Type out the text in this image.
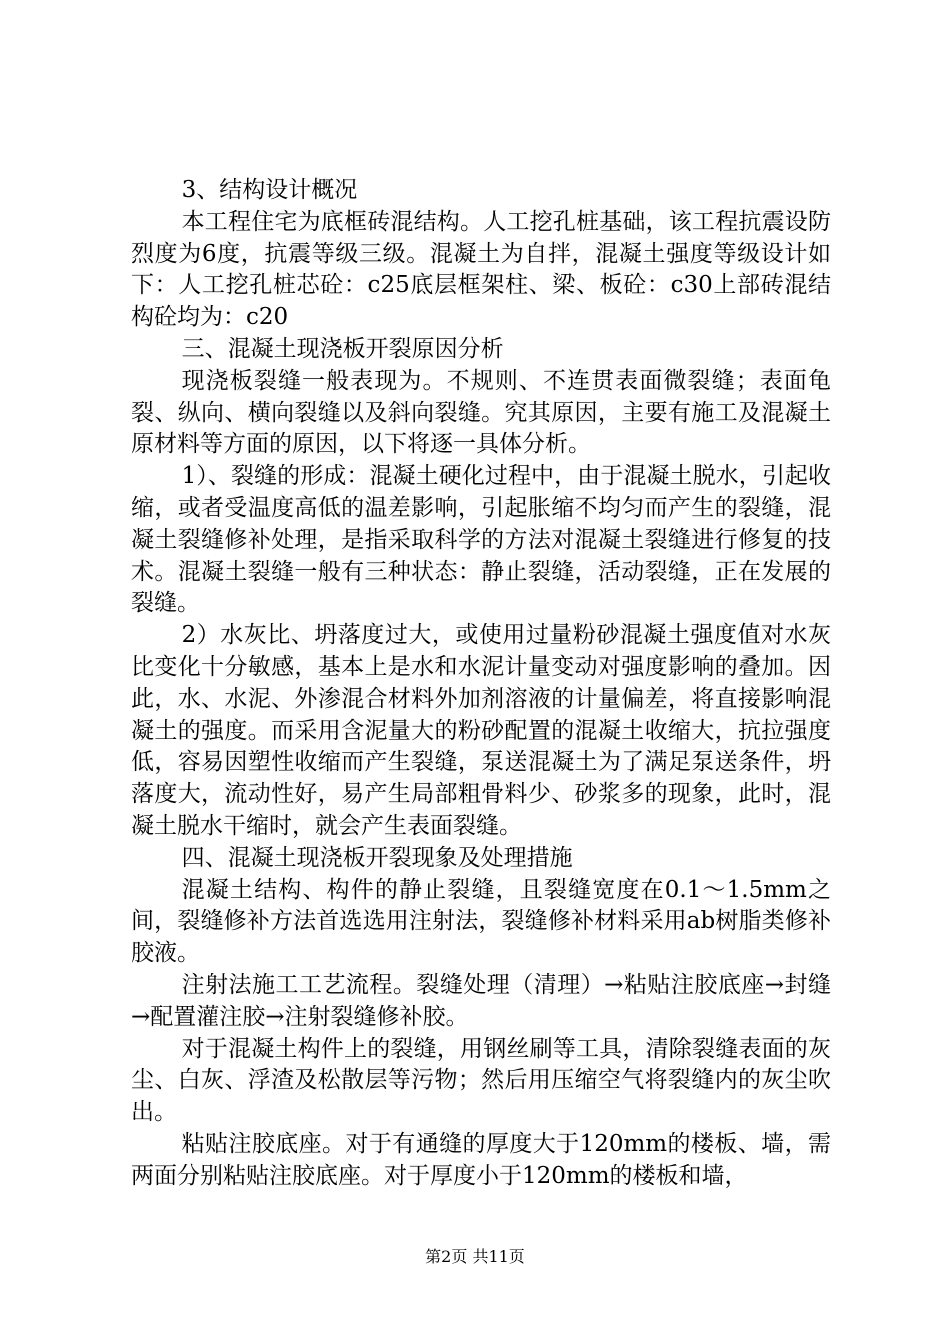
3、结构设计概况

本工程住宅为底框砖混结构。人工挖孔桩基础，该工程抗震设防烈度为6度，抗震等级三级。混凝土为自拌，混凝土强度等级设计如下：人工挖孔桩芯砼：c25底层框架柱、梁、板砼：c30上部砖混结构砼均为：c20

三、混凝土现浇板开裂原因分析

现浇板裂缝一般表现为。不规则、不连贯表面微裂缝；表面龟裂、纵向、横向裂缝以及斜向裂缝。究其原因，主要有施工及混凝土原材料等方面的原因，以下将逐一具体分析。

1）、裂缝的形成：混凝土硬化过程中，由于混凝土脱水，引起收缩，或者受温度高低的温差影响，引起胀缩不均匀而产生的裂缝，混凝土裂缝修补处理，是指采取科学的方法对混凝土裂缝进行修复的技术。混凝土裂缝一般有三种状态：静止裂缝，活动裂缝，正在发展的裂缝。

2）水灰比、坍落度过大，或使用过量粉砂混凝土强度值对水灰比变化十分敏感，基本上是水和水泥计量变动对强度影响的叠加。因此，水、水泥、外渗混合材料外加剂溶液的计量偏差，将直接影响混凝土的强度。而采用含泥量大的粉砂配置的混凝土收缩大，抗拉强度低，容易因塑性收缩而产生裂缝，泵送混凝土为了满足泵送条件，坍落度大，流动性好，易产生局部粗骨料少、砂浆多的现象，此时，混凝土脱水干缩时，就会产生表面裂缝。

四、混凝土现浇板开裂现象及处理措施

混凝土结构、构件的静止裂缝，且裂缝宽度在0.1～1.5mm之间，裂缝修补方法首选选用注射法，裂缝修补材料采用ab树脂类修补胶液。

注射法施工工艺流程。裂缝处理（清理）→粘贴注胶底座→封缝→配置灌注胶→注射裂缝修补胶。

对于混凝土构件上的裂缝，用钢丝刷等工具，清除裂缝表面的灰尘、白灰、浮渣及松散层等污物；然后用压缩空气将裂缝内的灰尘吹出。

粘贴注胶底座。对于有通缝的厚度大于120mm的楼板、墙，需两面分别粘贴注胶底座。对于厚度小于120mm的楼板和墙，

第2页 共11页
